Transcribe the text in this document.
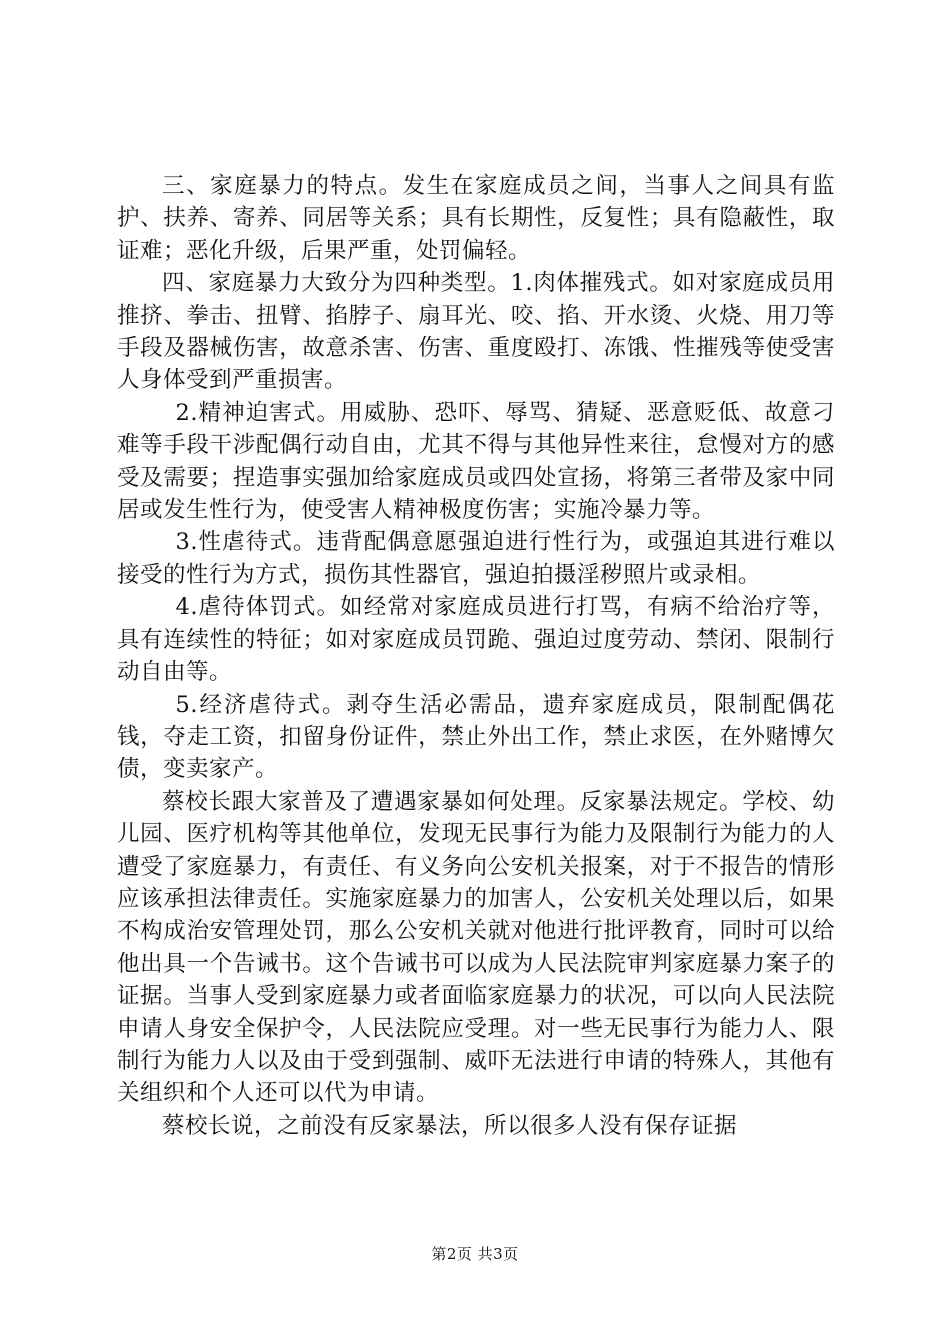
三、家庭暴力的特点。发生在家庭成员之间，当事人之间具有监护、扶养、寄养、同居等关系；具有长期性，反复性；具有隐蔽性，取证难；恶化升级，后果严重，处罚偏轻。

四、家庭暴力大致分为四种类型。1.肉体摧残式。如对家庭成员用推挤、拳击、扭臂、掐脖子、扇耳光、咬、掐、开水烫、火烧、用刀等手段及器械伤害，故意杀害、伤害、重度殴打、冻饿、性摧残等使受害人身体受到严重损害。

2.精神迫害式。用威胁、恐吓、辱骂、猜疑、恶意贬低、故意刁难等手段干涉配偶行动自由，尤其不得与其他异性来往，怠慢对方的感受及需要；捏造事实强加给家庭成员或四处宣扬，将第三者带及家中同居或发生性行为，使受害人精神极度伤害；实施冷暴力等。

3.性虐待式。违背配偶意愿强迫进行性行为，或强迫其进行难以接受的性行为方式，损伤其性器官，强迫拍摄淫秽照片或录相。

4.虐待体罚式。如经常对家庭成员进行打骂，有病不给治疗等，具有连续性的特征；如对家庭成员罚跪、强迫过度劳动、禁闭、限制行动自由等。

5.经济虐待式。剥夺生活必需品，遗弃家庭成员，限制配偶花钱，夺走工资，扣留身份证件，禁止外出工作，禁止求医，在外赌博欠债，变卖家产。

蔡校长跟大家普及了遭遇家暴如何处理。反家暴法规定。学校、幼儿园、医疗机构等其他单位，发现无民事行为能力及限制行为能力的人遭受了家庭暴力，有责任、有义务向公安机关报案，对于不报告的情形应该承担法律责任。实施家庭暴力的加害人，公安机关处理以后，如果不构成治安管理处罚，那么公安机关就对他进行批评教育，同时可以给他出具一个告诫书。这个告诫书可以成为人民法院审判家庭暴力案子的证据。当事人受到家庭暴力或者面临家庭暴力的状况，可以向人民法院申请人身安全保护令，人民法院应受理。对一些无民事行为能力人、限制行为能力人以及由于受到强制、威吓无法进行申请的特殊人，其他有关组织和个人还可以代为申请。

蔡校长说，之前没有反家暴法，所以很多人没有保存证据

第2页 共3页
